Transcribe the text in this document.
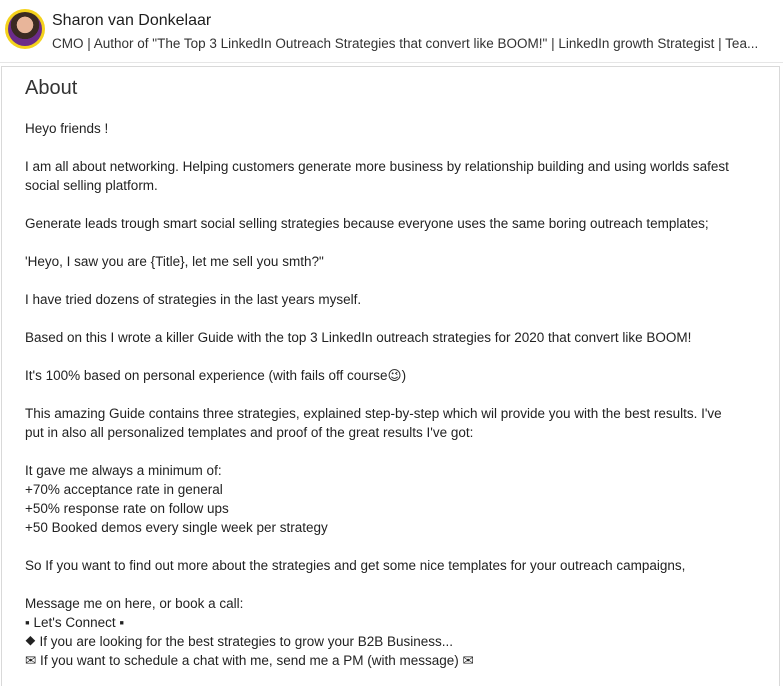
Sharon van Donkelaar
CMO | Author of "The Top 3 LinkedIn Outreach Strategies that convert like BOOM!" | LinkedIn growth Strategist | Tea...
About
Heyo friends !
I am all about networking. Helping customers generate more business by relationship building and using worlds safest
social selling platform.
Generate leads trough smart social selling strategies because everyone uses the same boring outreach templates;
'Heyo, I saw you are {Title}, let me sell you smth?"
I have tried dozens of strategies in the last years myself.
Based on this I wrote a killer Guide with the top 3 LinkedIn outreach strategies for 2020 that convert like BOOM!
It's 100% based on personal experience (with fails off course😉)
This amazing Guide contains three strategies, explained step-by-step which wil provide you with the best results. I've
put in also all personalized templates and proof of the great results I've got:
It gave me always a minimum of:
+70% acceptance rate in general
+50% response rate on follow ups
+50 Booked demos every single week per strategy
So If you want to find out more about the strategies and get some nice templates for your outreach campaigns,
Message me on here, or book a call:
▪ Let's Connect ▪
⯁ If you are looking for the best strategies to grow your B2B Business...
✉ If you want to schedule a chat with me, send me a PM (with message) ✉
